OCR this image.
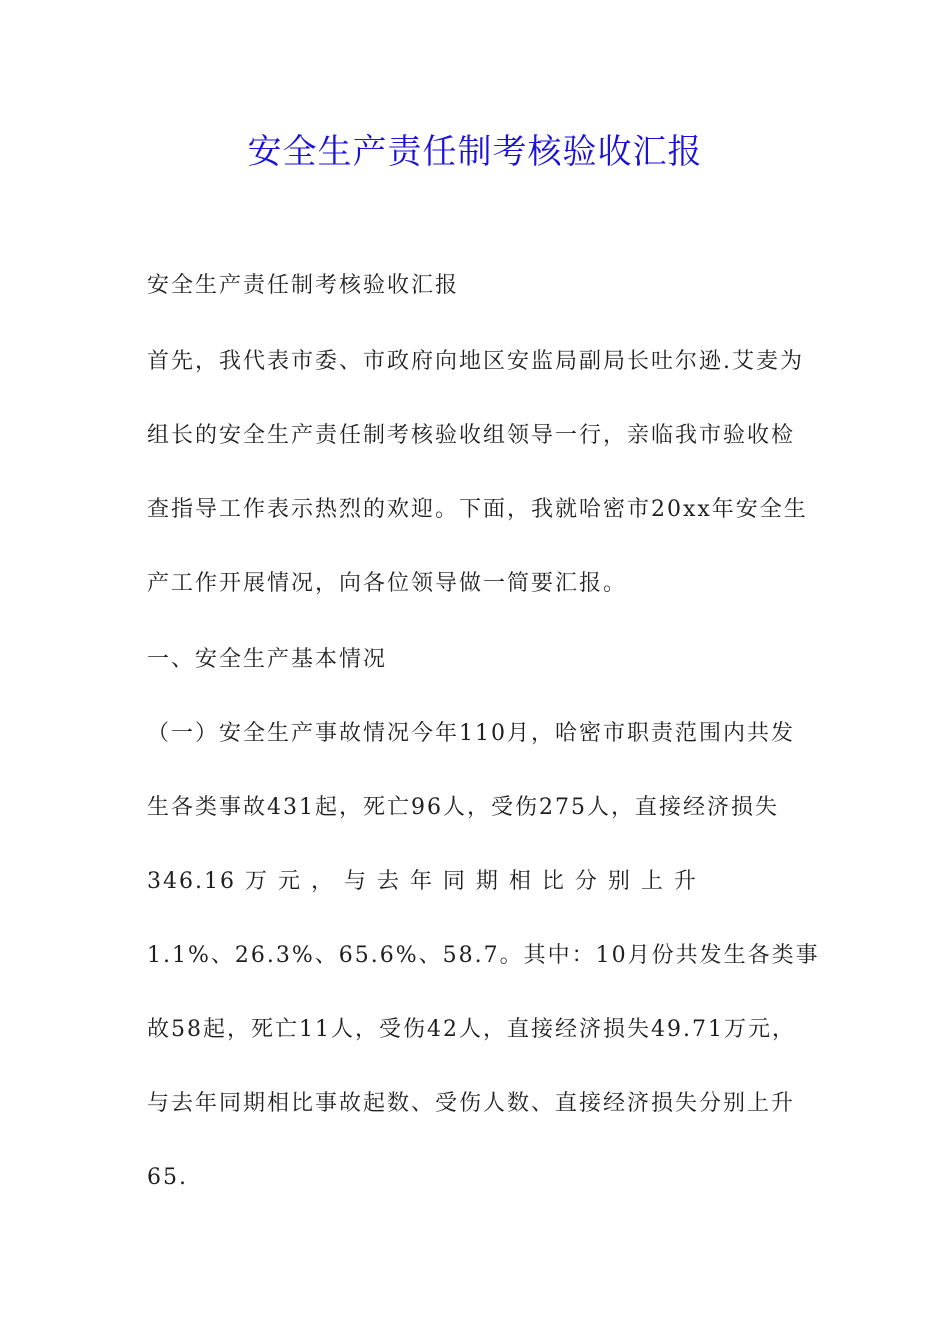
安全生产责任制考核验收汇报

安全生产责任制考核验收汇报

首先，我代表市委、市政府向地区安监局副局长吐尔逊.艾麦为
组长的安全生产责任制考核验收组领导一行，亲临我市验收检
查指导工作表示热烈的欢迎。下面，我就哈密市20xx年安全生
产工作开展情况，向各位领导做一简要汇报。

一、安全生产基本情况

（一）安全生产事故情况今年110月，哈密市职责范围内共发
生各类事故431起，死亡96人，受伤275人，直接经济损失
346.16 万 元 ， 与 去 年 同 期 相 比 分 别 上 升
1.1%、26.3%、65.6%、58.7。其中：10月份共发生各类事
故58起，死亡11人，受伤42人，直接经济损失49.71万元，
与去年同期相比事故起数、受伤人数、直接经济损失分别上升
65.
